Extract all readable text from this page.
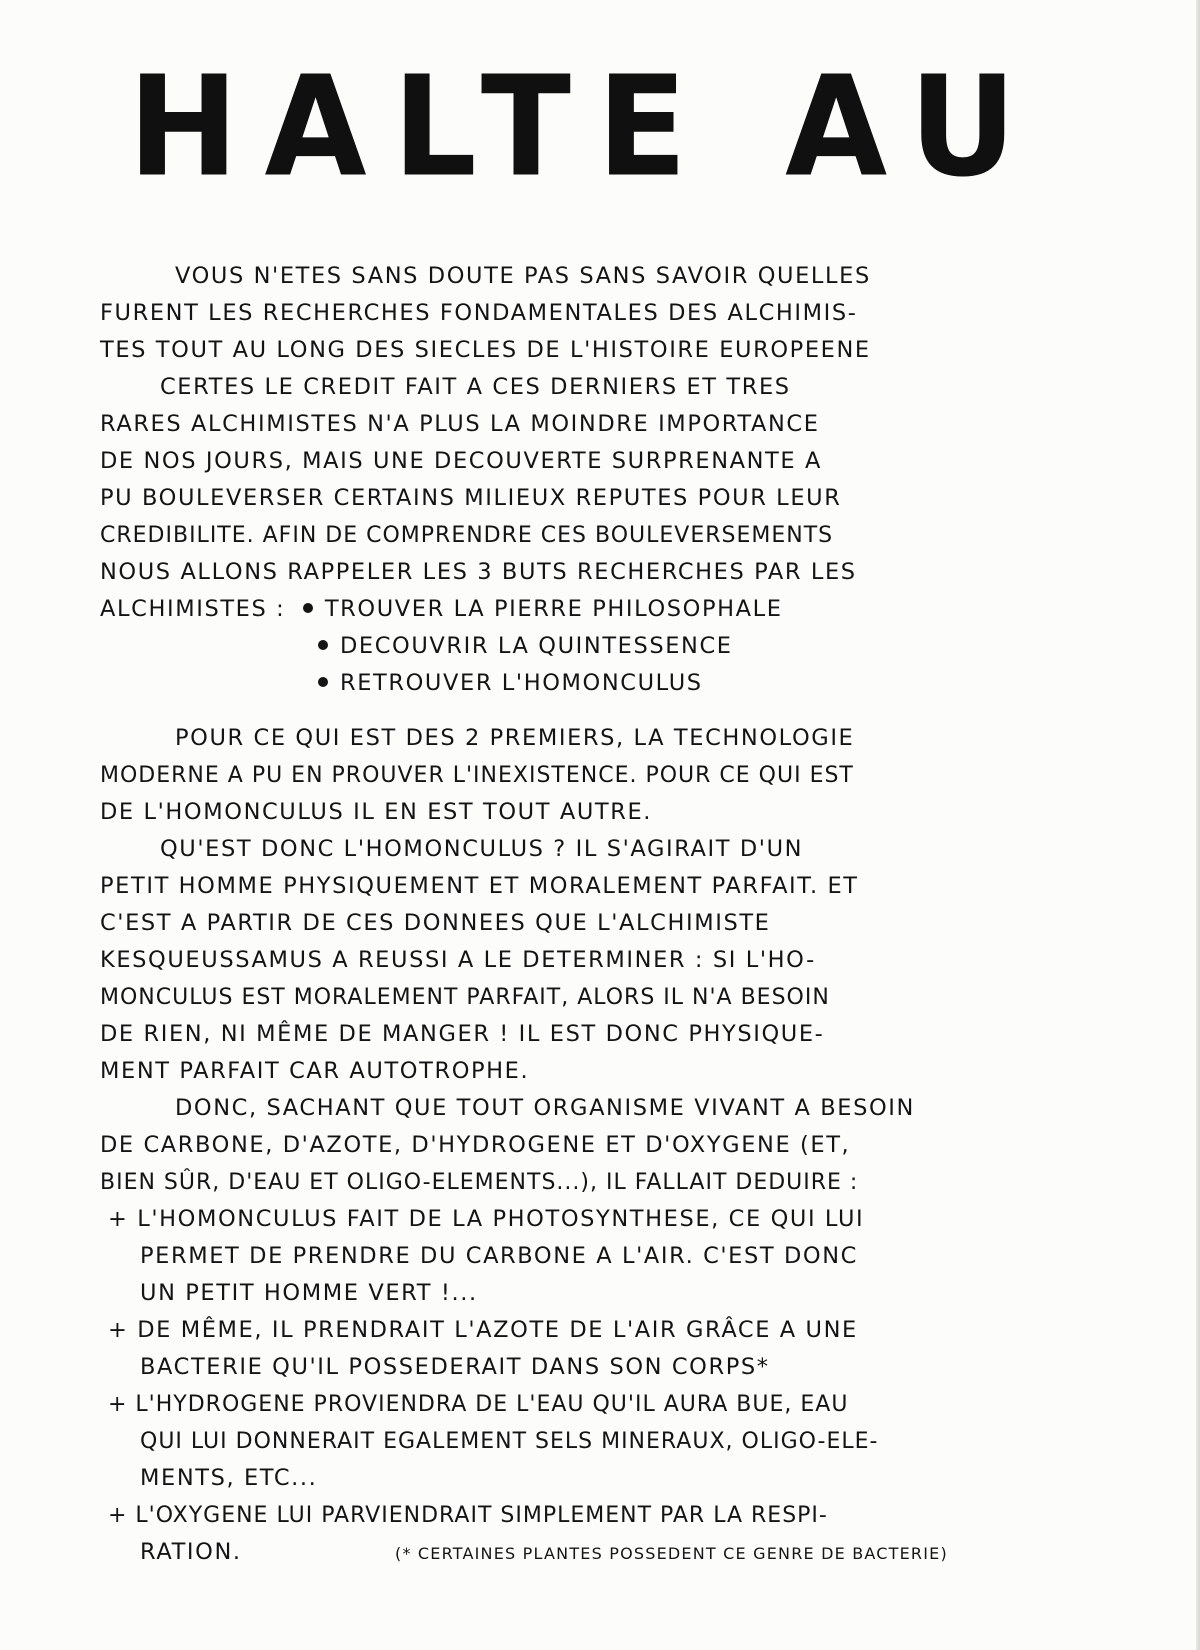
HALTE AU
VOUS N'ETES SANS DOUTE PAS SANS SAVOIR QUELLES
FURENT LES RECHERCHES FONDAMENTALES DES ALCHIMIS-
TES TOUT AU LONG DES SIECLES DE L'HISTOIRE EUROPEENE
CERTES LE CREDIT FAIT A CES DERNIERS ET TRES
RARES ALCHIMISTES N'A PLUS LA MOINDRE IMPORTANCE
DE NOS JOURS, MAIS UNE DECOUVERTE SURPRENANTE A
PU BOULEVERSER CERTAINS MILIEUX REPUTES POUR LEUR
CREDIBILITE. AFIN DE COMPRENDRE CES BOULEVERSEMENTS
NOUS ALLONS RAPPELER LES 3 BUTS RECHERCHES PAR LES
ALCHIMISTES : TROUVER LA PIERRE PHILOSOPHALE
DECOUVRIR LA QUINTESSENCE
RETROUVER L'HOMONCULUS
POUR CE QUI EST DES 2 PREMIERS, LA TECHNOLOGIE
MODERNE A PU EN PROUVER L'INEXISTENCE. POUR CE QUI EST
DE L'HOMONCULUS IL EN EST TOUT AUTRE.
QU'EST DONC L'HOMONCULUS ? IL S'AGIRAIT D'UN
PETIT HOMME PHYSIQUEMENT ET MORALEMENT PARFAIT. ET
C'EST A PARTIR DE CES DONNEES QUE L'ALCHIMISTE
KESQUEUSSAMUS A REUSSI A LE DETERMINER : SI L'HO-
MONCULUS EST MORALEMENT PARFAIT, ALORS IL N'A BESOIN
DE RIEN, NI MÊME DE MANGER ! IL EST DONC PHYSIQUE-
MENT PARFAIT CAR AUTOTROPHE.
DONC, SACHANT QUE TOUT ORGANISME VIVANT A BESOIN
DE CARBONE, D'AZOTE, D'HYDROGENE ET D'OXYGENE (ET,
BIEN SÛR, D'EAU ET OLIGO-ELEMENTS...), IL FALLAIT DEDUIRE :
+ L'HOMONCULUS FAIT DE LA PHOTOSYNTHESE, CE QUI LUI
PERMET DE PRENDRE DU CARBONE A L'AIR. C'EST DONC
UN PETIT HOMME VERT !...
+ DE MÊME, IL PRENDRAIT L'AZOTE DE L'AIR GRÂCE A UNE
BACTERIE QU'IL POSSEDERAIT DANS SON CORPS*
+ L'HYDROGENE PROVIENDRA DE L'EAU QU'IL AURA BUE, EAU
QUI LUI DONNERAIT EGALEMENT SELS MINERAUX, OLIGO-ELE-
MENTS, ETC...
+ L'OXYGENE LUI PARVIENDRAIT SIMPLEMENT PAR LA RESPI-
RATION.	(* CERTAINES PLANTES POSSEDENT CE GENRE DE BACTERIE)
